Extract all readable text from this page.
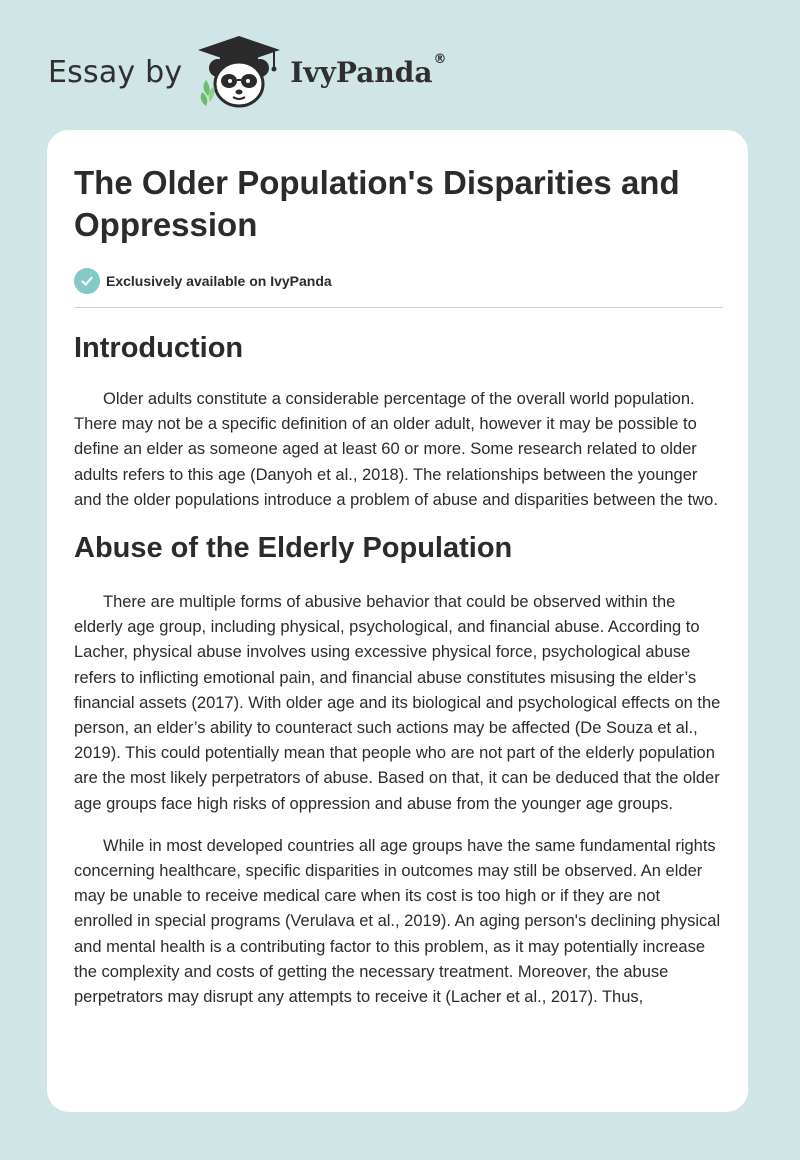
Essay by	IvyPanda®
The Older Population's Disparities and Oppression
Exclusively available on IvyPanda
Introduction

Older adults constitute a considerable percentage of the overall world population. There may not be a specific definition of an older adult, however it may be possible to define an elder as someone aged at least 60 or more. Some research related to older adults refers to this age (Danyoh et al., 2018). The relationships between the younger and the older populations introduce a problem of abuse and disparities between the two.

Abuse of the Elderly Population

There are multiple forms of abusive behavior that could be observed within the elderly age group, including physical, psychological, and financial abuse. According to Lacher, physical abuse involves using excessive physical force, psychological abuse refers to inflicting emotional pain, and financial abuse constitutes misusing the elder’s financial assets (2017). With older age and its biological and psychological effects on the person, an elder’s ability to counteract such actions may be affected (De Souza et al., 2019). This could potentially mean that people who are not part of the elderly population are the most likely perpetrators of abuse. Based on that, it can be deduced that the older age groups face high risks of oppression and abuse from the younger age groups.

While in most developed countries all age groups have the same fundamental rights concerning healthcare, specific disparities in outcomes may still be observed. An elder may be unable to receive medical care when its cost is too high or if they are not enrolled in special programs (Verulava et al., 2019). An aging person's declining physical and mental health is a contributing factor to this problem, as it may potentially increase the complexity and costs of getting the necessary treatment. Moreover, the abuse perpetrators may disrupt any attempts to receive it (Lacher et al., 2017). Thus,
